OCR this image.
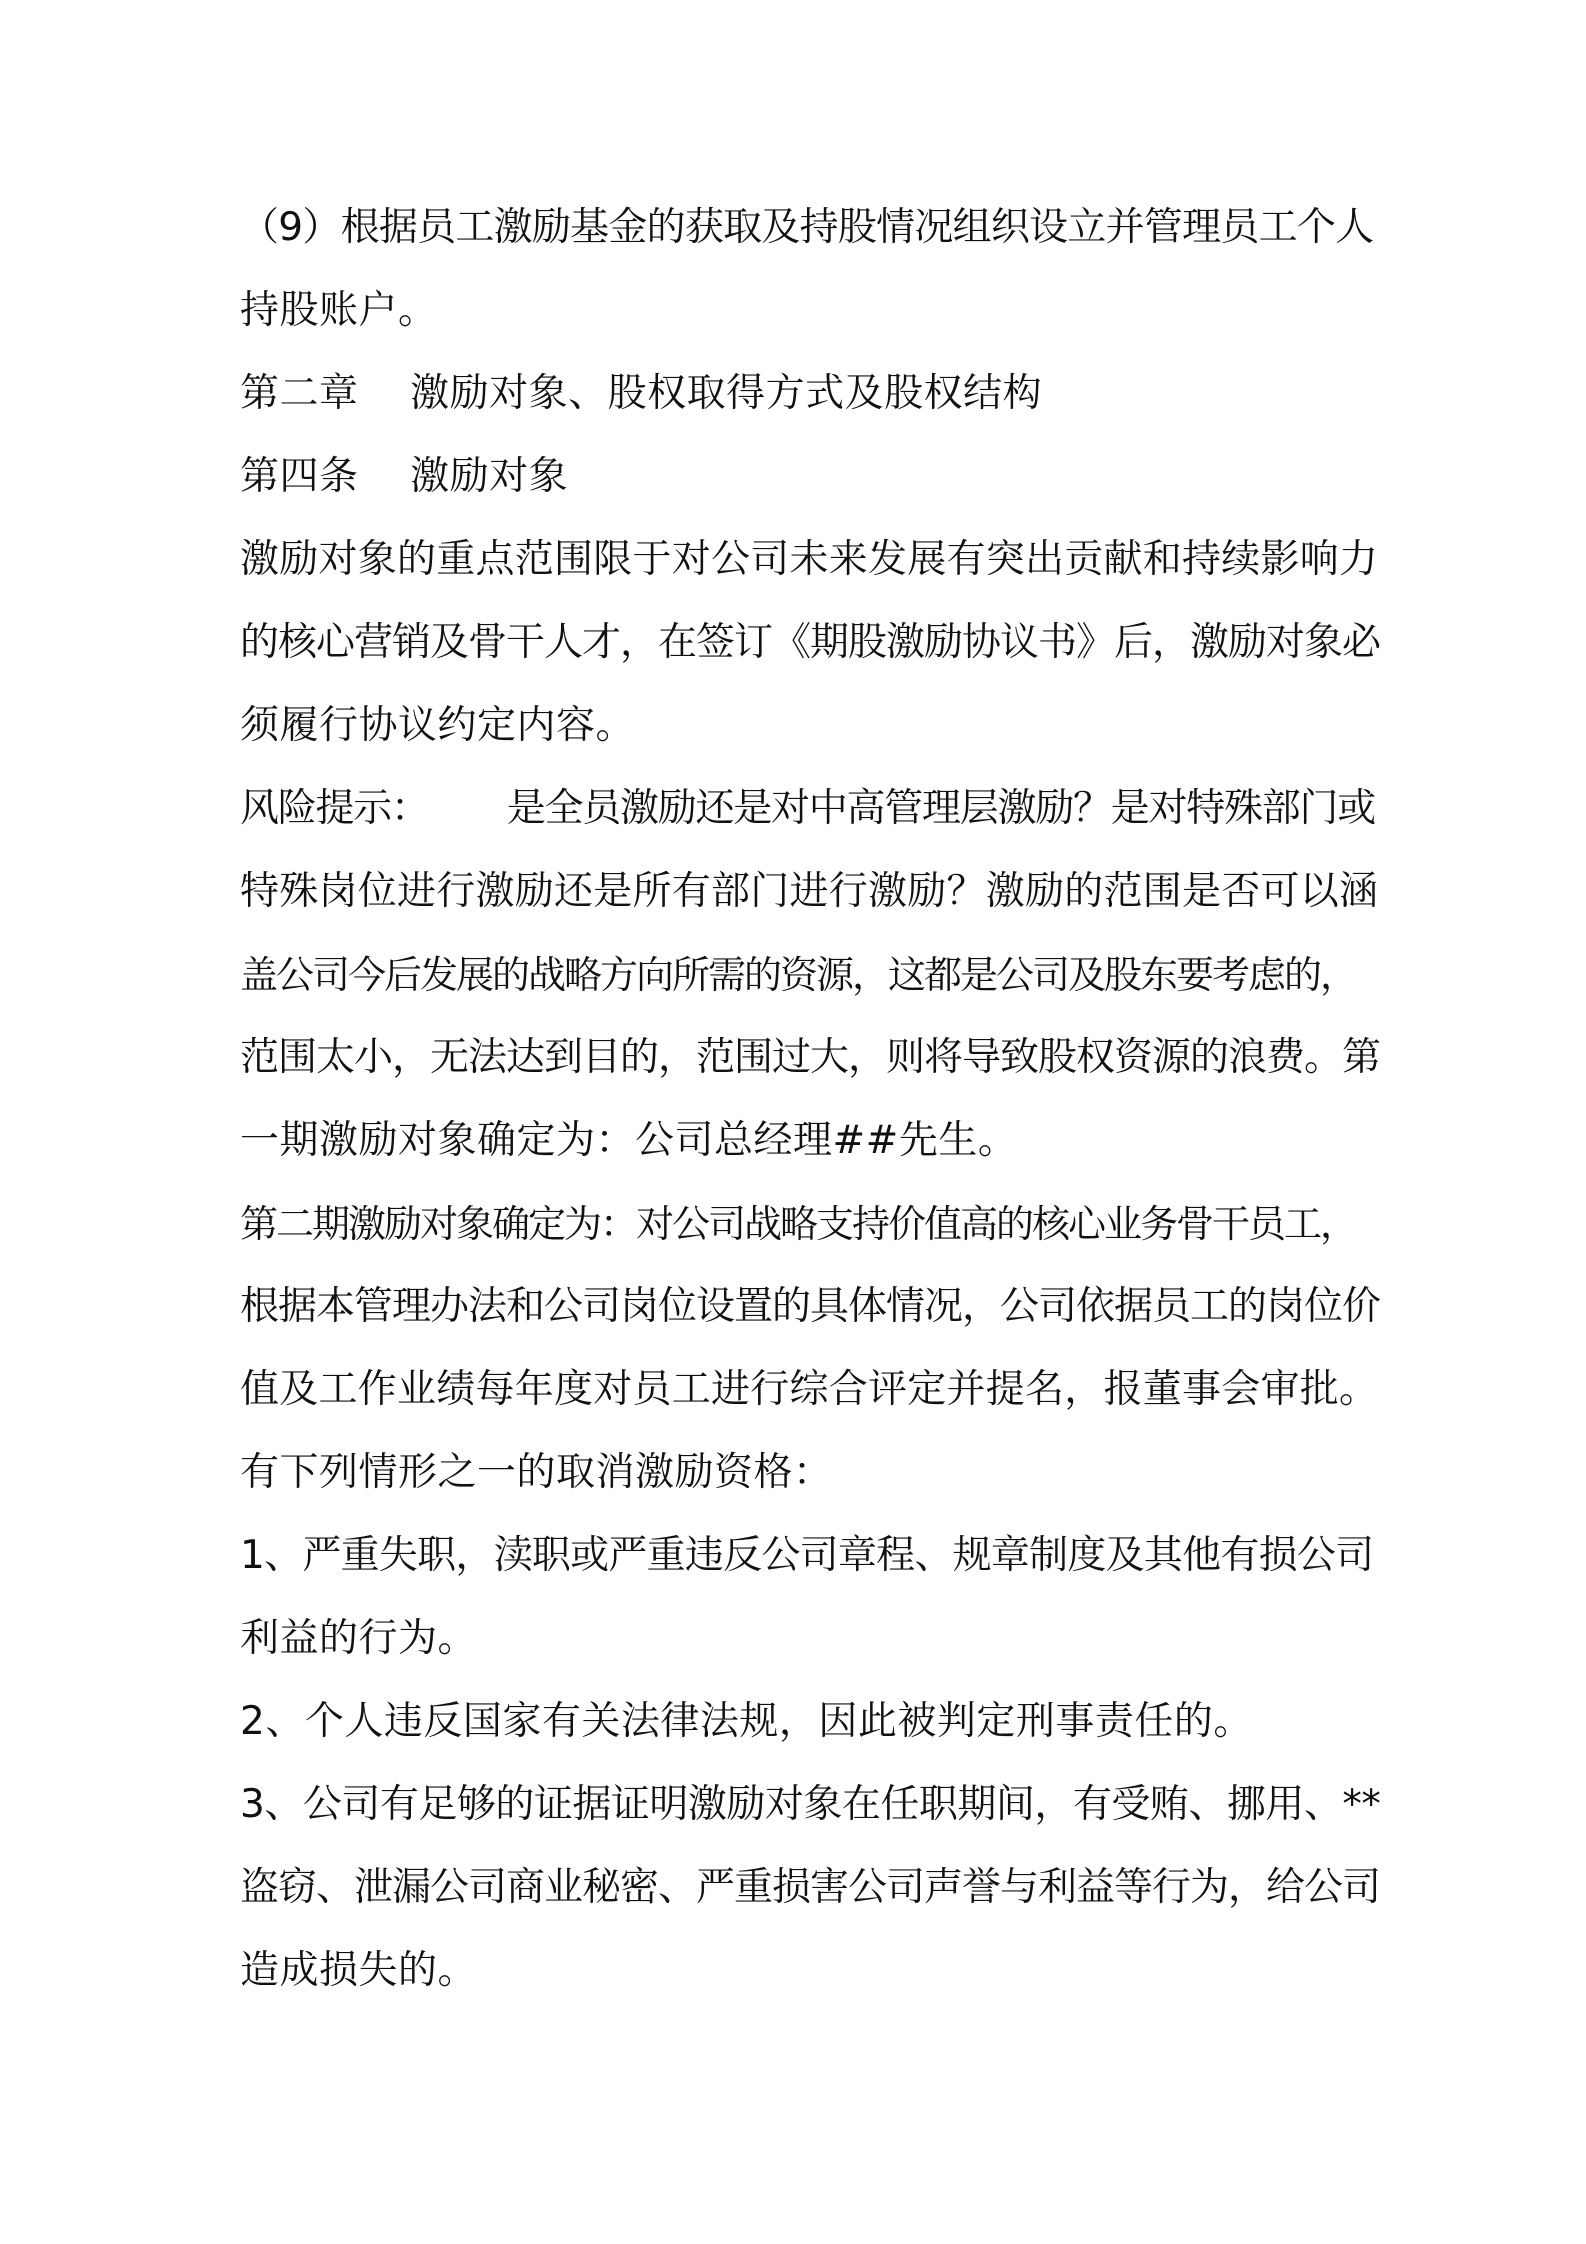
（9）根据员工激励基金的获取及持股情况组织设立并管理员工个人
持股账户。
第二章    激励对象、股权取得方式及股权结构
第四条    激励对象
激励对象的重点范围限于对公司未来发展有突出贡献和持续影响力
的核心营销及骨干人才，在签订《期股激励协议书》后，激励对象必
须履行协议约定内容。
风险提示：       是全员激励还是对中高管理层激励？是对特殊部门或
特殊岗位进行激励还是所有部门进行激励？激励的范围是否可以涵
盖公司今后发展的战略方向所需的资源，这都是公司及股东要考虑的，
范围太小，无法达到目的，范围过大，则将导致股权资源的浪费。第
一期激励对象确定为：公司总经理##先生。
第二期激励对象确定为：对公司战略支持价值高的核心业务骨干员工，
根据本管理办法和公司岗位设置的具体情况，公司依据员工的岗位价
值及工作业绩每年度对员工进行综合评定并提名，报董事会审批。
有下列情形之一的取消激励资格：
1、严重失职，渎职或严重违反公司章程、规章制度及其他有损公司
利益的行为。
2、个人违反国家有关法律法规，因此被判定刑事责任的。
3、公司有足够的证据证明激励对象在任职期间，有受贿、挪用、**
盗窃、泄漏公司商业秘密、严重损害公司声誉与利益等行为，给公司
造成损失的。
